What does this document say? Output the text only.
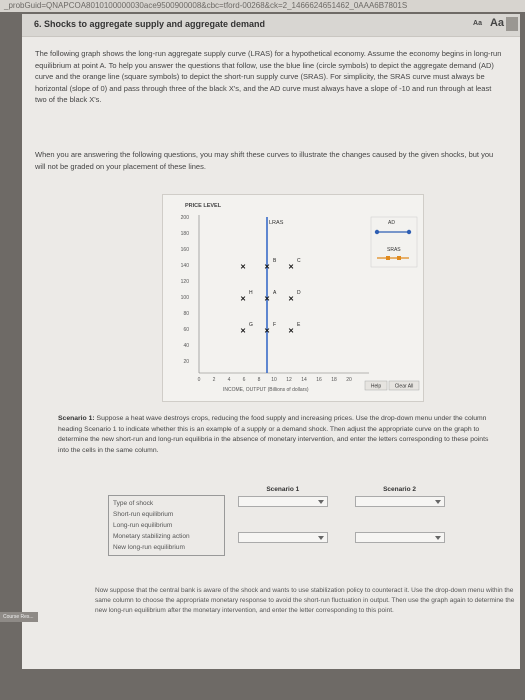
_probGuid=QNAPCOA8010100000030ace9500900008&cbc=tford-00268&ck=2_1466624651462_0AAA6B7801S
6. Shocks to aggregate supply and aggregate demand	Aa Aa
The following graph shows the long-run aggregate supply curve (LRAS) for a hypothetical economy. Assume the economy begins in long-run equilibrium at point A. To help you answer the questions that follow, use the blue line (circle symbols) to depict the aggregate demand (AD) curve and the orange line (square symbols) to depict the short-run supply curve (SRAS). For simplicity, the SRAS curve must always be horizontal (slope of 0) and pass through three of the black X's, and the AD curve must always have a slope of -10 and run through at least two of the black X's.
When you are answering the following questions, you may shift these curves to illustrate the changes caused by the given shocks, but you will not be graded on your placement of these lines.
PRICE LEVEL
200
180
160
140
120
100
80
60
40
20
0 2 4 6 8 10 12 14 16 18 20
INCOME, OUTPUT (Billions of dollars)
LRAS
✕	✕
B
✕
C
✕
H
✕
A
✕
D
✕
G
✕
F
✕
E
AD
SRAS
Help	Clear All
Scenario 1: Suppose a heat wave destroys crops, reducing the food supply and increasing prices. Use the drop-down menu under the column heading Scenario 1 to indicate whether this is an example of a supply or a demand shock. Then adjust the appropriate curve on the graph to determine the new short-run and long-run equilibria in the absence of monetary intervention, and enter the letters corresponding to these points into the cells in the same column.
	Scenario 1	Scenario 2

Type of shock
Short-run equilibrium
Long-run equilibrium
Monetary stabilizing action
New long-run equilibrium		

Now suppose that the central bank is aware of the shock and wants to use stabilization policy to counteract it. Use the drop-down menu within the same column to choose the appropriate monetary response to avoid the short-run fluctuation in output. Then use the graph again to determine the new long-run equilibrium after the monetary intervention, and enter the letter corresponding to this point.
Course Res...
